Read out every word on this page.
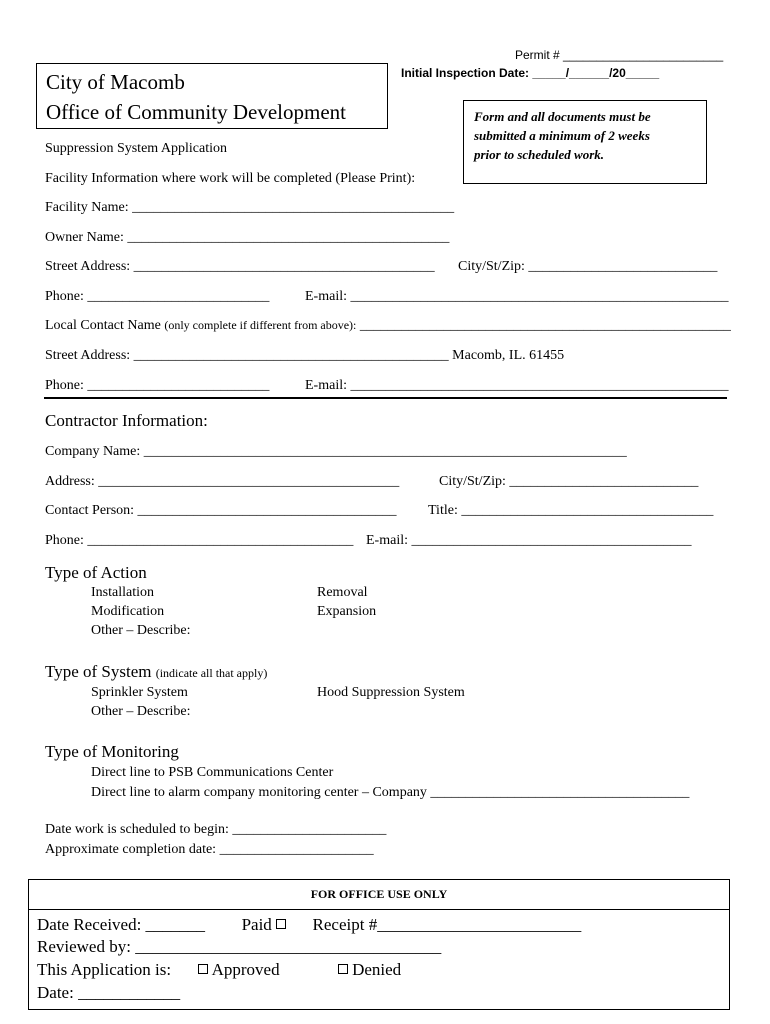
Permit # ________________________
Initial Inspection Date: _____/______/20_____
City of Macomb
Office of Community Development	Form and all documents must be
submitted a minimum of 2 weeks
prior to scheduled work.
Suppression System Application
Facility Information where work will be completed (Please Print):
Facility Name: ______________________________________________
Owner Name: ______________________________________________
Street Address: ___________________________________________ City/St/Zip: ___________________________
Phone: __________________________	E-mail: ______________________________________________________
Local Contact Name (only complete if different from above): _____________________________________________________
Street Address: _____________________________________________ Macomb, IL. 61455
Phone: __________________________	E-mail: ______________________________________________________
Contractor Information:
Company Name: _____________________________________________________________________
Address: ___________________________________________	City/St/Zip: ___________________________
Contact Person: _____________________________________ Title: ____________________________________
Phone: ______________________________________ E-mail: ________________________________________
Type of Action
Installation	Removal
Modification	Expansion
Other – Describe:
Type of System (indicate all that apply)
Sprinkler System	Hood Suppression System
Other – Describe:
Type of Monitoring
Direct line to PSB Communications Center
Direct line to alarm company monitoring center – Company _____________________________________
Date work is scheduled to begin: ______________________
Approximate completion date: ______________________
FOR OFFICE USE ONLY
Date Received: _______ Paid Receipt #________________________
Reviewed by: ____________________________________
This Application is: Approved	Denied
Date: ____________
